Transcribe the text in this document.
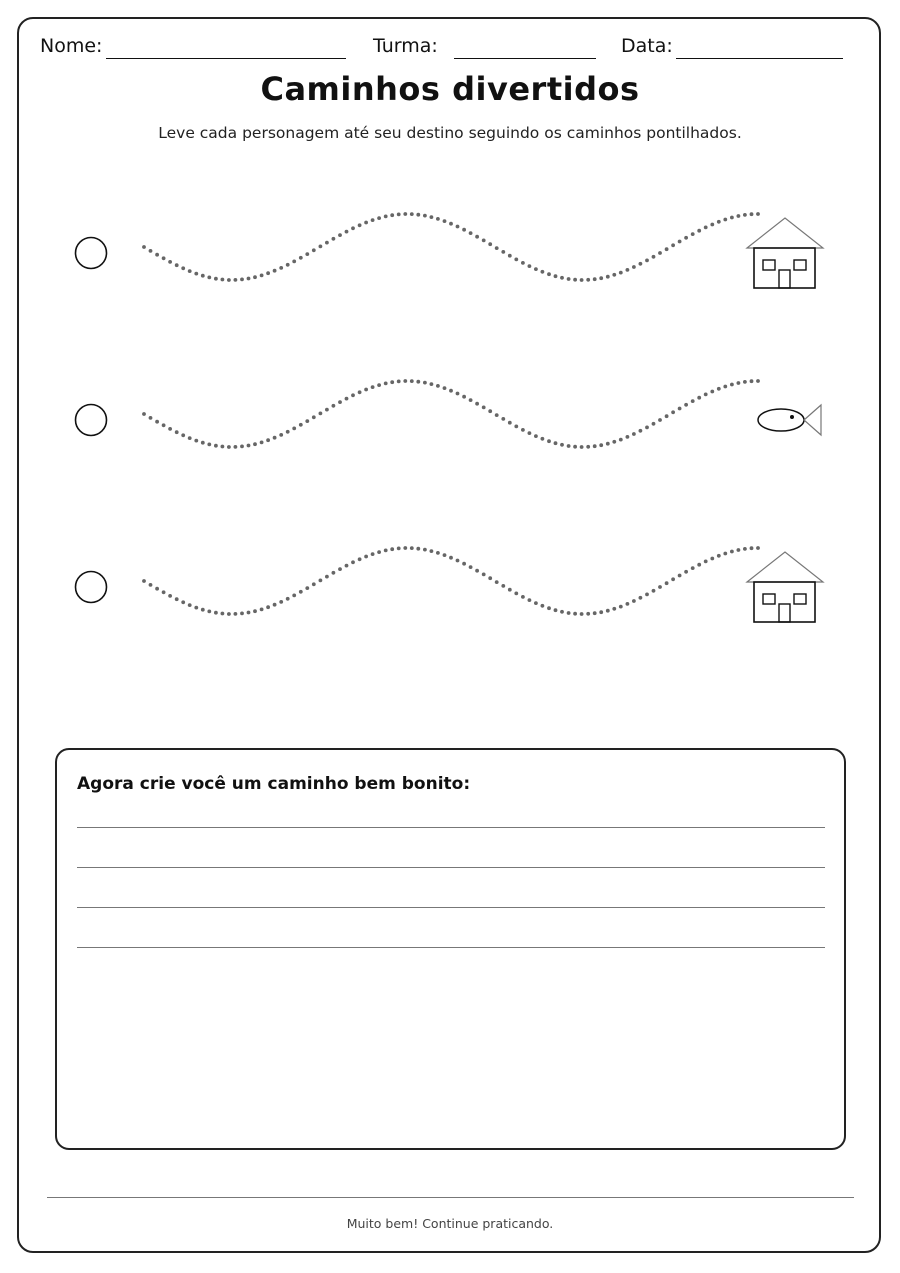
Nome:	Turma:	Data:
Caminhos divertidos
Leve cada personagem até seu destino seguindo os caminhos pontilhados.
Agora crie você um caminho bem bonito:
Muito bem! Continue praticando.
